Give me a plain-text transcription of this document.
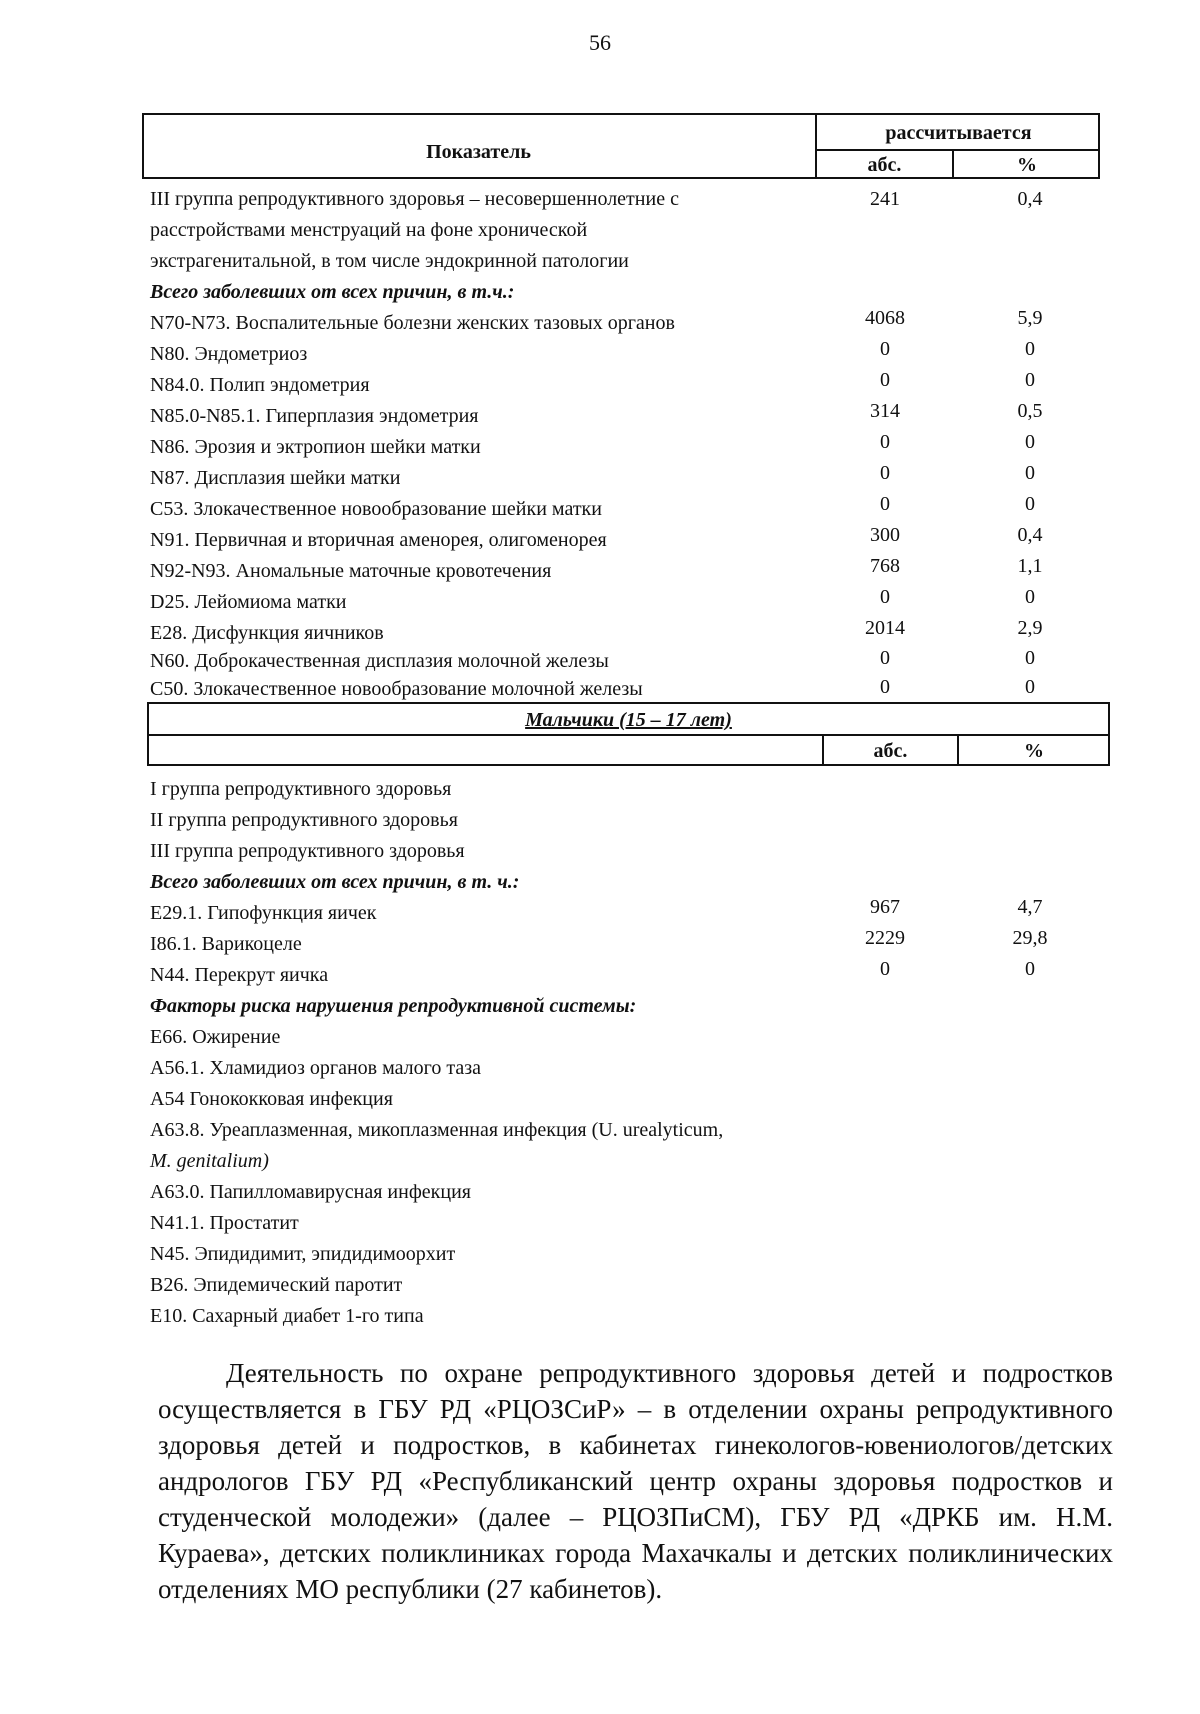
56
Показатель
рассчитывается
абс.	%
III группа репродуктивного здоровья – несовершеннолетние с	241	0,4
расстройствами менструаций на фоне хронической
экстрагенитальной, в том числе эндокринной патологии
Всего заболевших от всех причин, в т.ч.:
N70-N73. Воспалительные болезни женских тазовых органов	4068	5,9
N80. Эндометриоз	0	0
N84.0. Полип эндометрия	0	0
N85.0-N85.1. Гиперплазия эндометрия	314	0,5
N86. Эрозия и эктропион шейки матки	0	0
N87. Дисплазия шейки матки	0	0
C53. Злокачественное новообразование шейки матки	0	0
N91. Первичная и вторичная аменорея, олигоменорея	300	0,4
N92-N93. Аномальные маточные кровотечения	768	1,1
D25. Лейомиома матки	0	0
E28. Дисфункция яичников	2014	2,9
N60. Доброкачественная дисплазия молочной железы	0	0
C50. Злокачественное новообразование молочной железы	0	0
Мальчики (15 – 17 лет)
абс.	%
I группа репродуктивного здоровья
II группа репродуктивного здоровья
III группа репродуктивного здоровья
Всего заболевших от всех причин, в т. ч.:
E29.1. Гипофункция яичек	967	4,7
I86.1. Варикоцеле	2229	29,8
N44. Перекрут яичка	0	0
Факторы риска нарушения репродуктивной системы:
E66. Ожирение
A56.1. Хламидиоз органов малого таза
A54 Гонококковая инфекция
A63.8. Уреаплазменная, микоплазменная инфекция (U. urealyticum,
M. genitalium)
A63.0. Папилломавирусная инфекция
N41.1. Простатит
N45. Эпидидимит, эпидидимоорхит
B26. Эпидемический паротит
E10. Сахарный диабет 1-го типа
Деятельность по охране репродуктивного здоровья детей и подростков осуществляется в ГБУ РД «РЦОЗСиР» – в отделении охраны репродуктивного здоровья детей и подростков, в кабинетах гинекологов-ювениологов/детских андрологов ГБУ РД «Республиканский центр охраны здоровья подростков и студенческой молодежи» (далее – РЦОЗПиСМ), ГБУ РД «ДРКБ им. Н.М. Кураева», детских поликлиниках города Махачкалы и детских поликлинических отделениях МО республики (27 кабинетов).
